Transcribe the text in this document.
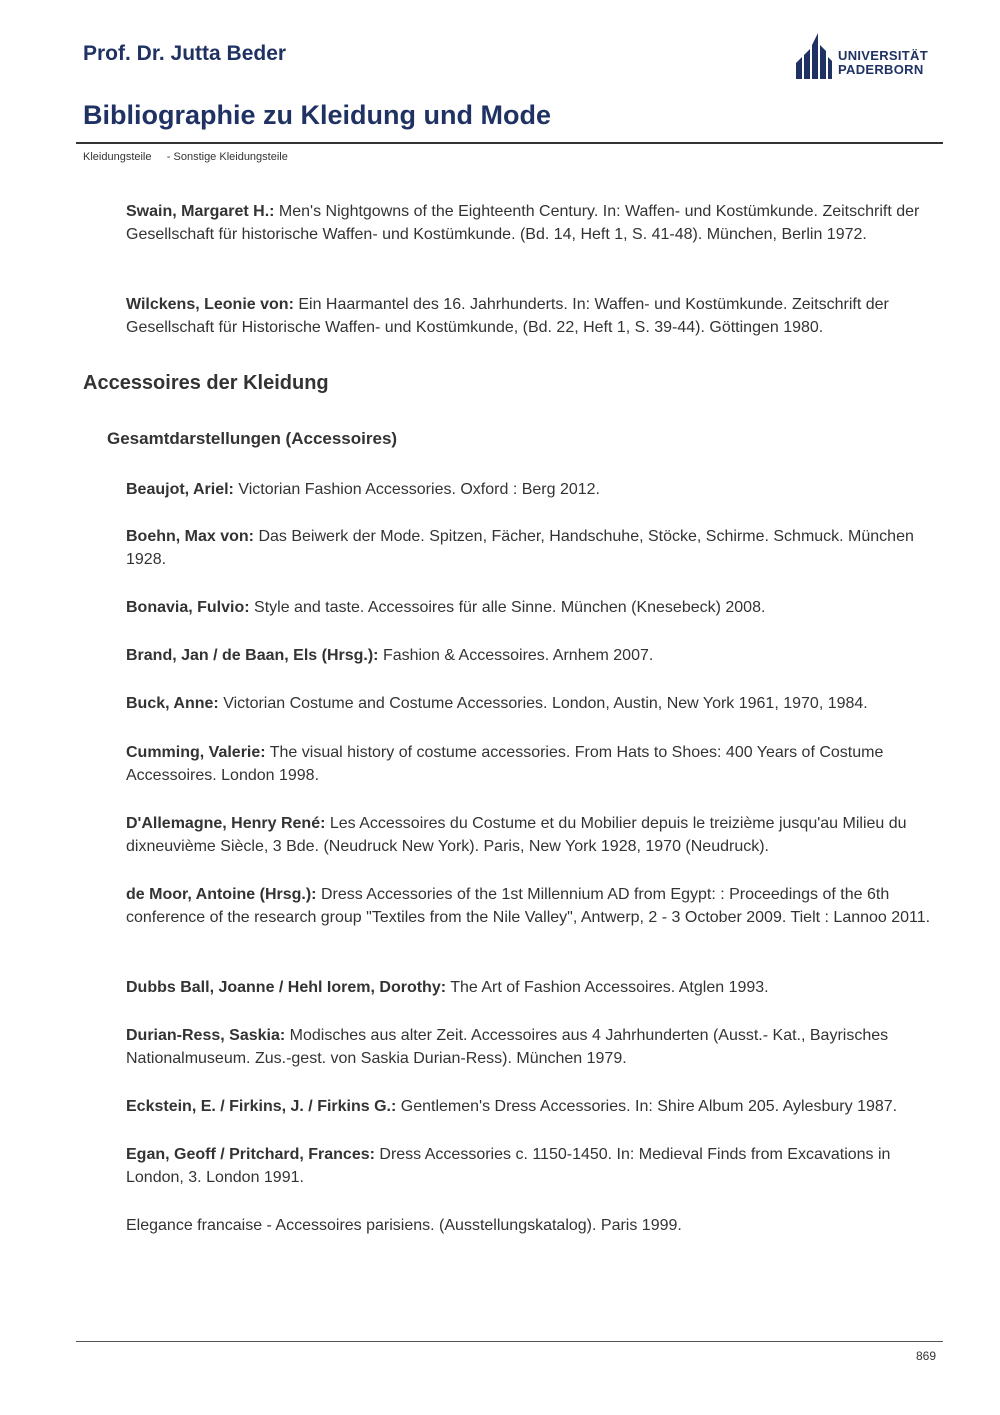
Prof. Dr. Jutta Beder	UNIVERSITÄT
PADERBORN
Bibliographie zu Kleidung und Mode
Kleidungsteile     - Sonstige Kleidungsteile
Swain, Margaret H.: Men's Nightgowns of the Eighteenth Century. In: Waffen- und Kostümkunde. Zeitschrift der Gesellschaft für historische Waffen- und Kostümkunde. (Bd. 14, Heft 1, S. 41-48). München, Berlin 1972.
Wilckens, Leonie von: Ein Haarmantel des 16. Jahrhunderts. In: Waffen- und Kostümkunde. Zeitschrift der Gesellschaft für Historische Waffen- und Kostümkunde, (Bd. 22, Heft 1, S. 39-44). Göttingen 1980.
Accessoires der Kleidung
Gesamtdarstellungen (Accessoires)
Beaujot, Ariel: Victorian Fashion Accessories. Oxford : Berg 2012.
Boehn, Max von: Das Beiwerk der Mode. Spitzen, Fächer, Handschuhe, Stöcke, Schirme. Schmuck. München 1928.
Bonavia, Fulvio: Style and taste. Accessoires für alle Sinne. München (Knesebeck) 2008.
Brand, Jan / de Baan, Els (Hrsg.): Fashion & Accessoires. Arnhem 2007.
Buck, Anne: Victorian Costume and Costume Accessories. London, Austin, New York 1961, 1970, 1984.
Cumming, Valerie: The visual history of costume accessories. From Hats to Shoes: 400 Years of Costume Accessoires. London 1998.
D'Allemagne, Henry René: Les Accessoires du Costume et du Mobilier depuis le treizième jusqu'au Milieu du dixneuvième Siècle, 3 Bde. (Neudruck New York). Paris, New York 1928, 1970 (Neudruck).
de Moor, Antoine (Hrsg.): Dress Accessories of the 1st Millennium AD from Egypt: : Proceedings of the 6th conference of the research group "Textiles from the Nile Valley", Antwerp, 2 - 3 October 2009. Tielt : Lannoo 2011.
Dubbs Ball, Joanne / Hehl Iorem, Dorothy: The Art of Fashion Accessoires. Atglen 1993.
Durian-Ress, Saskia: Modisches aus alter Zeit. Accessoires aus 4 Jahrhunderten (Ausst.- Kat., Bayrisches Nationalmuseum. Zus.-gest. von Saskia Durian-Ress). München 1979.
Eckstein, E. / Firkins, J. / Firkins G.: Gentlemen's Dress Accessories. In: Shire Album 205. Aylesbury 1987.
Egan, Geoff / Pritchard, Frances: Dress Accessories c. 1150-1450. In: Medieval Finds from Excavations in London, 3. London 1991.
Elegance francaise - Accessoires parisiens. (Ausstellungskatalog). Paris 1999.
869
